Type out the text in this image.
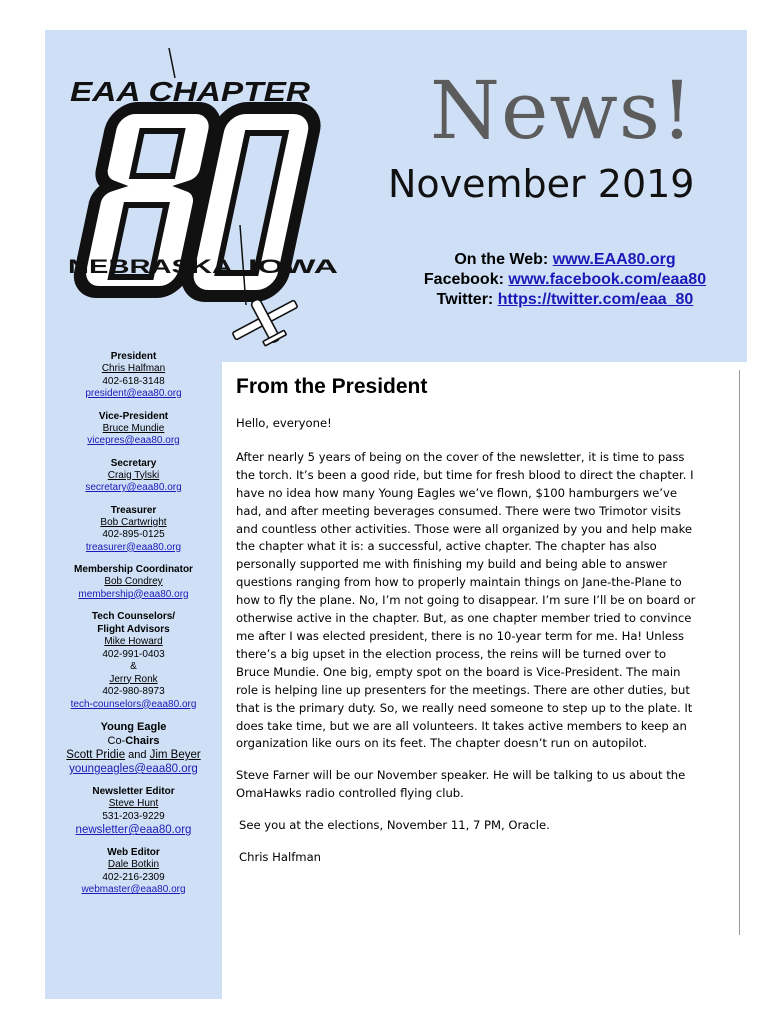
EAA CHAPTER
NEBRASKA IOWA
News!
November 2019
On the Web: www.EAA80.org
Facebook: www.facebook.com/eaa80
Twitter: https://twitter.com/eaa_80
President
Chris Halfman
402-618-3148
president@eaa80.org
Vice-President
Bruce Mundie
vicepres@eaa80.org
Secretary
Craig Tylski
secretary@eaa80.org
Treasurer
Bob Cartwright
402-895-0125
treasurer@eaa80.org
Membership Coordinator
Bob Condrey
membership@eaa80.org
Tech Counselors/
Flight Advisors
Mike Howard
402-991-0403
&
Jerry Ronk
402-980-8973
tech-counselors@eaa80.org
Young Eagle
Co-Chairs
Scott Pridie and Jim Beyer
youngeagles@eaa80.org
Newsletter Editor
Steve Hunt
531-203-9229
newsletter@eaa80.org
Web Editor
Dale Botkin
402-216-2309
webmaster@eaa80.org
From the President

Hello, everyone!

After nearly 5 years of being on the cover of the newsletter, it is time to pass the torch. It’s been a good ride, but time for fresh blood to direct the chapter. I have no idea how many Young Eagles we’ve flown, $100 hamburgers we’ve had, and after meeting beverages consumed. There were two Trimotor visits and countless other activities. Those were all organized by you and help make the chapter what it is: a successful, active chapter. The chapter has also personally supported me with finishing my build and being able to answer questions ranging from how to properly maintain things on Jane-the-Plane to how to fly the plane. No, I’m not going to disappear. I’m sure I’ll be on board or otherwise active in the chapter. But, as one chapter member tried to convince me after I was elected president, there is no 10-year term for me. Ha! Unless there’s a big upset in the election process, the reins will be turned over to Bruce Mundie. One big, empty spot on the board is Vice-President. The main role is helping line up presenters for the meetings. There are other duties, but that is the primary duty. So, we really need someone to step up to the plate. It does take time, but we are all volunteers. It takes active members to keep an organization like ours on its feet. The chapter doesn’t run on autopilot.

Steve Farner will be our November speaker. He will be talking to us about the OmaHawks radio controlled flying club.

See you at the elections, November 11, 7 PM, Oracle.

Chris Halfman
